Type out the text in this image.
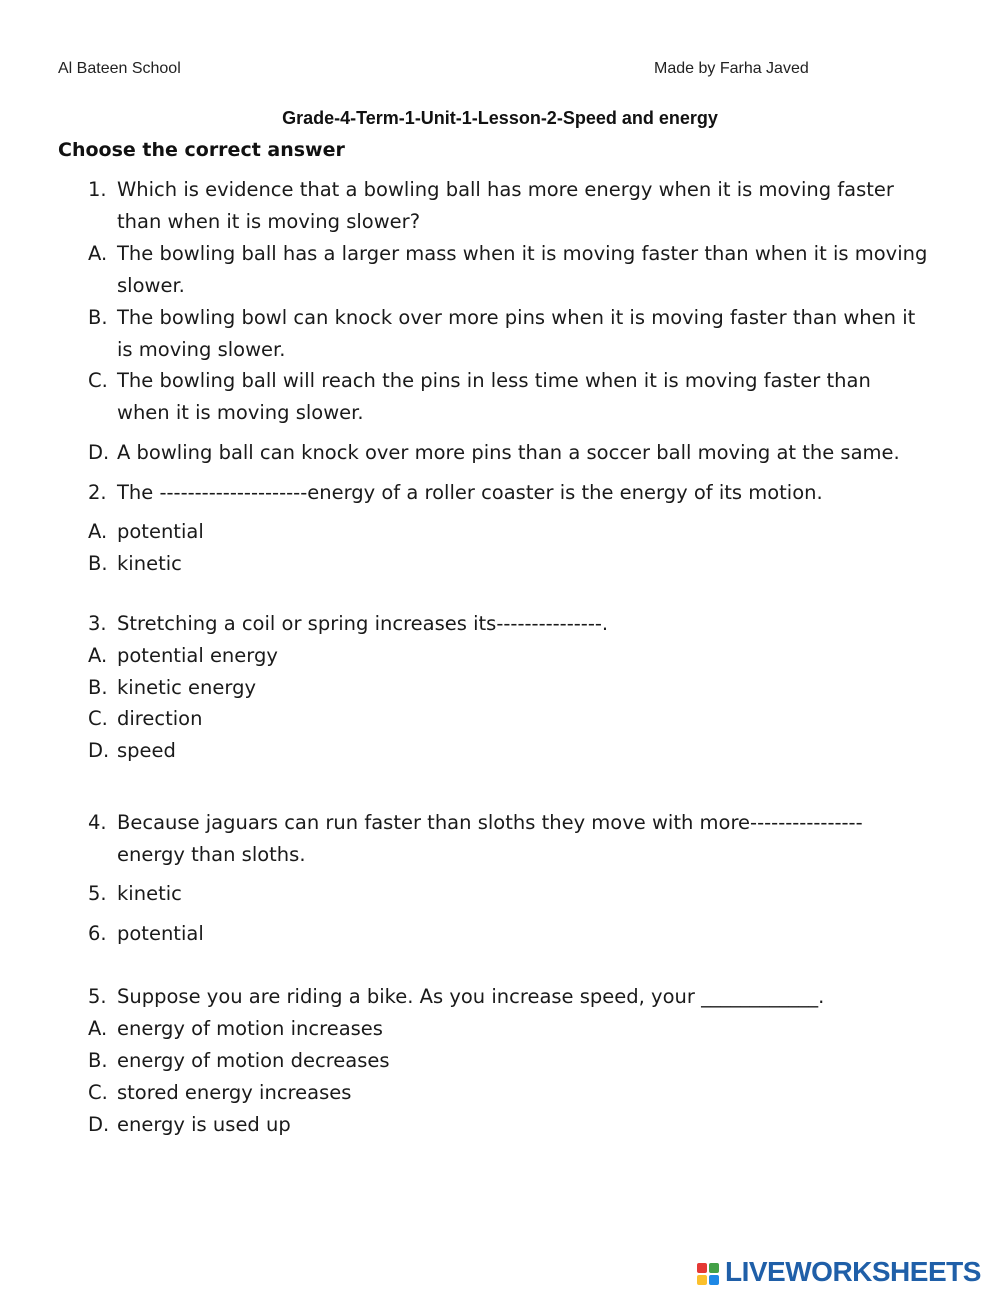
Al Bateen School	Made by Farha Javed
Grade-4-Term-1-Unit-1-Lesson-2-Speed and energy
Choose the correct answer
1. Which is evidence that a bowling ball has more energy when it is moving faster
than when it is moving slower?
A. The bowling ball has a larger mass when it is moving faster than when it is moving
slower.
B. The bowling bowl can knock over more pins when it is moving faster than when it
is moving slower.
C. The bowling ball will reach the pins in less time when it is moving faster than
when it is moving slower.
D. A bowling ball can knock over more pins than a soccer ball moving at the same.
2. The ---------------------energy of a roller coaster is the energy of its motion.
A. potential
B. kinetic
3. Stretching a coil or spring increases its---------------.
A. potential energy
B. kinetic energy
C. direction
D. speed
4. Because jaguars can run faster than sloths they move with more----------------
energy than sloths.
5. kinetic
6. potential
5. Suppose you are riding a bike. As you increase speed, your ____________.
A. energy of motion increases
B. energy of motion decreases
C. stored energy increases
D. energy is used up
LIVEWORKSHEETS
